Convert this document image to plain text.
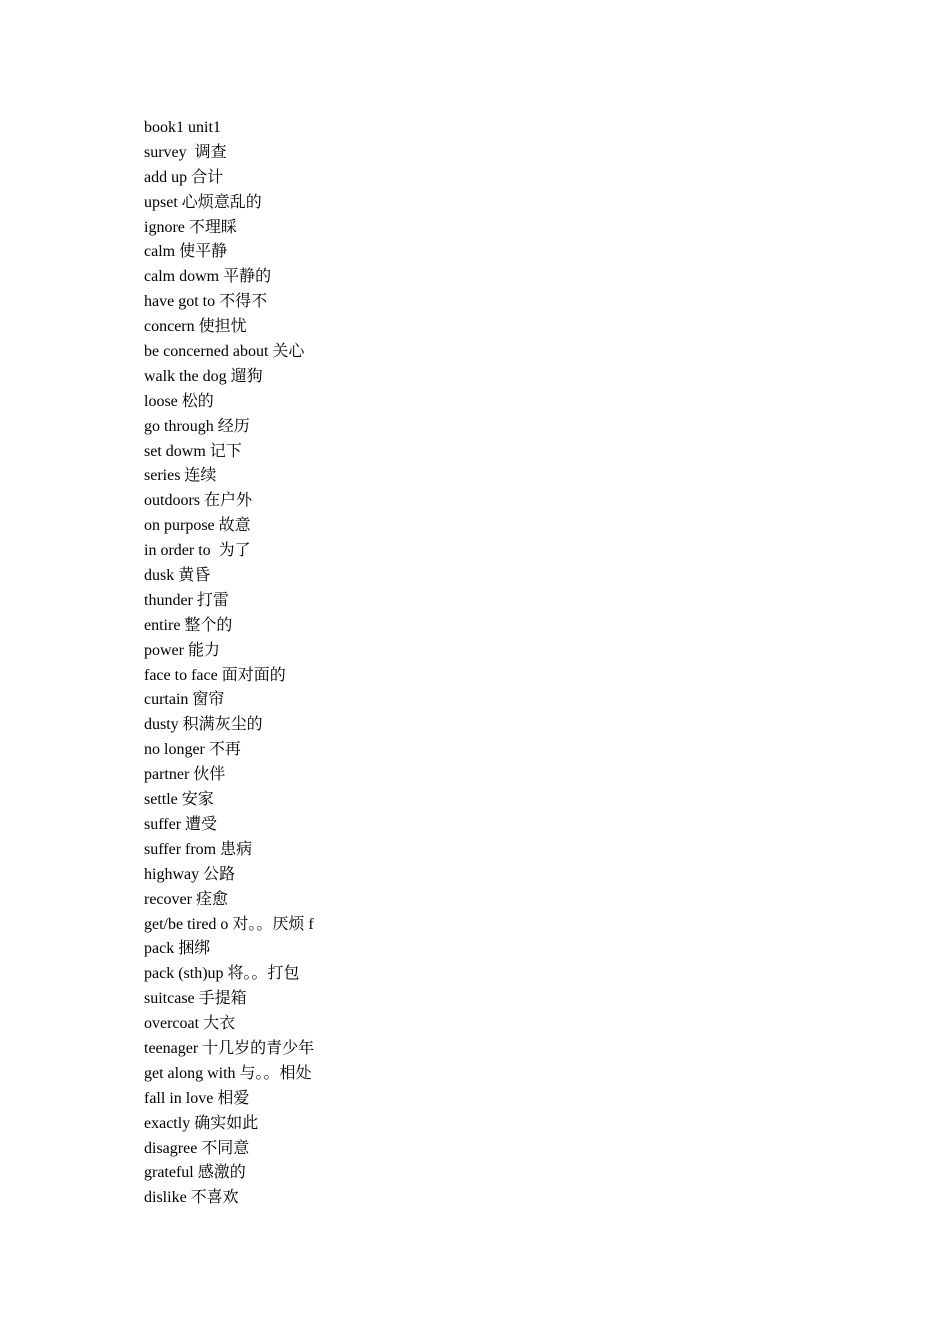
book1 unit1
survey  调查
add up 合计
upset 心烦意乱的
ignore 不理睬
calm 使平静
calm dowm 平静的
have got to 不得不
concern 使担忧
be concerned about 关心
walk the dog 遛狗
loose 松的
go through 经历
set dowm 记下
series 连续
outdoors 在户外
on purpose 故意
in order to  为了
dusk 黄昏
thunder 打雷
entire 整个的
power 能力
face to face 面对面的
curtain 窗帘
dusty 积满灰尘的
no longer 不再
partner 伙伴
settle 安家
suffer 遭受
suffer from 患病
highway 公路
recover 痊愈
get/be tired o 对。。厌烦 f
pack 捆绑
pack (sth)up 将。。打包
suitcase 手提箱
overcoat 大衣
teenager 十几岁的青少年
get along with 与。。相处
fall in love 相爱
exactly 确实如此
disagree 不同意
grateful 感激的
dislike 不喜欢
